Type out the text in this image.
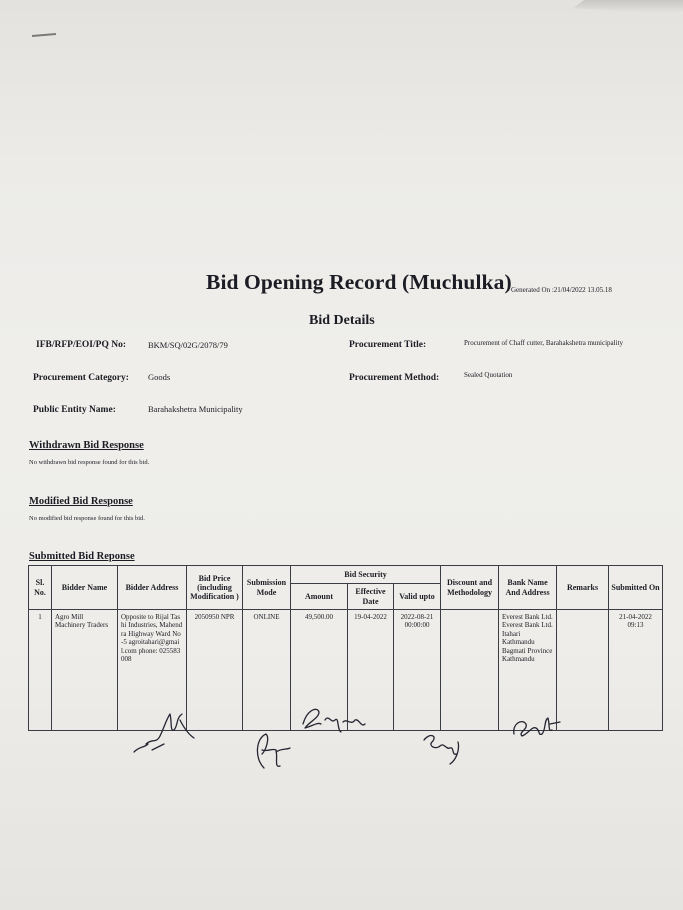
Bid Opening Record (Muchulka) Generated On :21/04/2022 13.05.18
Bid Details
IFB/RFP/EOI/PQ No:	BKM/SQ/02G/2078/79	Procurement Title:	Procurement of Chaff cutter, Barahakshetra municipality
Procurement Category: Goods	Procurement Method:	Sealed Quotation
Public Entity Name:	Barahakshetra Municipality
Withdrawn Bid Response
No withdrawn bid response found for this bid.
Modified Bid Response
No modified bid response found for this bid.
Submitted Bid Reponse
Sl. No.	Bidder Name	Bidder Address	Bid Price (including Modification )	Submission Mode	Bid Security			Discount and Methodology	Bank Name And Address	Remarks	Submitted On
					Amount	Effective Date	Valid upto				
1	Agro Mill Machinery Traders	Opposite to Rijal Tashi Industries, Mahendra Highway Ward No-5 agroitahari@gmail.com phone: 025583008	2050950 NPR	ONLINE	49,500.00	19-04-2022	2022-08-21 00:00:00		Everest Bank Ltd. Everest Bank Ltd. Itahari Kathmandu Bagmati Province Kathmandu		21-04-2022 09:13
